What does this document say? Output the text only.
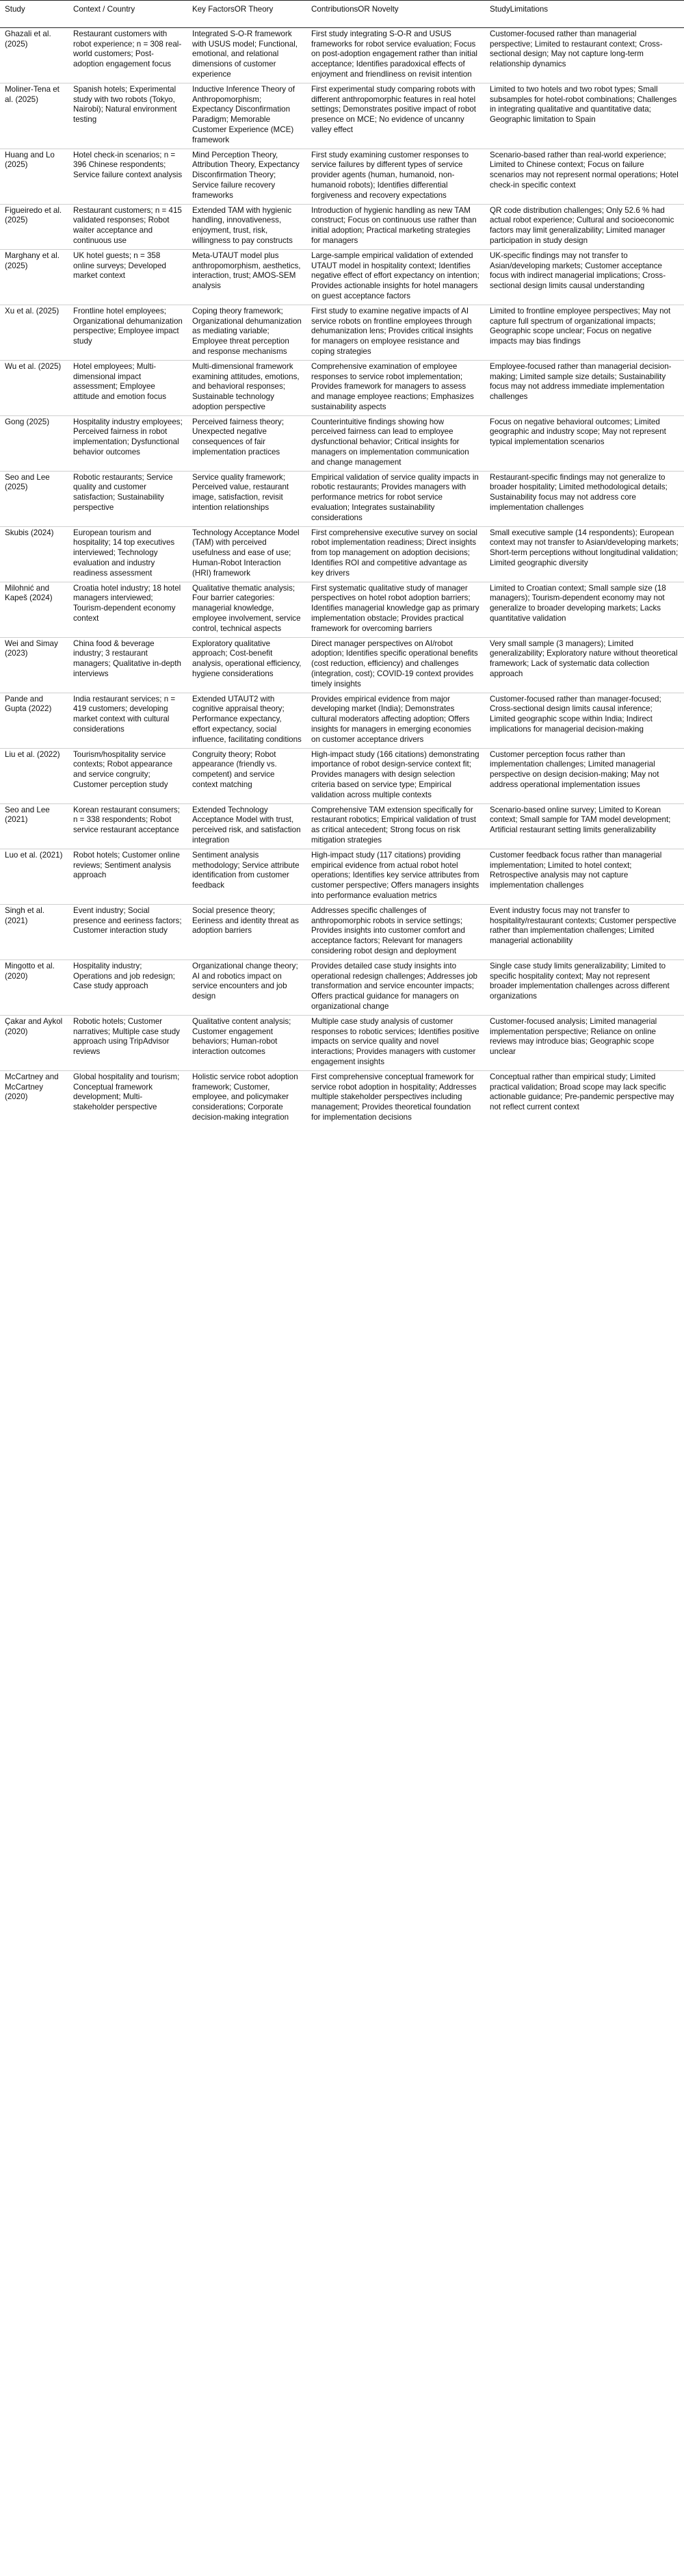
Study	Context / Country	Key FactorsOR Theory	ContributionsOR Novelty	StudyLimitations
Ghazali et al. (2025)	Restaurant customers with robot experience; n = 308 real-world customers; Post-adoption engagement focus	Integrated S-O-R framework with USUS model; Functional, emotional, and relational dimensions of customer experience	First study integrating S-O-R and USUS frameworks for robot service evaluation; Focus on post-adoption engagement rather than initial acceptance; Identifies paradoxical effects of enjoyment and friendliness on revisit intention	Customer-focused rather than managerial perspective; Limited to restaurant context; Cross-sectional design; May not capture long-term relationship dynamics
Moliner-Tena et al. (2025)	Spanish hotels; Experimental study with two robots (Tokyo, Nairobi); Natural environment testing	Inductive Inference Theory of Anthropomorphism; Expectancy Disconfirmation Paradigm; Memorable Customer Experience (MCE) framework	First experimental study comparing robots with different anthropomorphic features in real hotel settings; Demonstrates positive impact of robot presence on MCE; No evidence of uncanny valley effect	Limited to two hotels and two robot types; Small subsamples for hotel-robot combinations; Challenges in integrating qualitative and quantitative data; Geographic limitation to Spain
Huang and Lo (2025)	Hotel check-in scenarios; n = 396 Chinese respondents; Service failure context analysis	Mind Perception Theory, Attribution Theory, Expectancy Disconfirmation Theory; Service failure recovery frameworks	First study examining customer responses to service failures by different types of service provider agents (human, humanoid, non-humanoid robots); Identifies differential forgiveness and recovery expectations	Scenario-based rather than real-world experience; Limited to Chinese context; Focus on failure scenarios may not represent normal operations; Hotel check-in specific context
Figueiredo et al. (2025)	Restaurant customers; n = 415 validated responses; Robot waiter acceptance and continuous use	Extended TAM with hygienic handling, innovativeness, enjoyment, trust, risk, willingness to pay constructs	Introduction of hygienic handling as new TAM construct; Focus on continuous use rather than initial adoption; Practical marketing strategies for managers	QR code distribution challenges; Only 52.6 % had actual robot experience; Cultural and socioeconomic factors may limit generalizability; Limited manager participation in study design
Marghany et al. (2025)	UK hotel guests; n = 358 online surveys; Developed market context	Meta-UTAUT model plus anthropomorphism, aesthetics, interaction, trust; AMOS-SEM analysis	Large-sample empirical validation of extended UTAUT model in hospitality context; Identifies negative effect of effort expectancy on intention; Provides actionable insights for hotel managers on guest acceptance factors	UK-specific findings may not transfer to Asian/developing markets; Customer acceptance focus with indirect managerial implications; Cross-sectional design limits causal understanding
Xu et al. (2025)	Frontline hotel employees; Organizational dehumanization perspective; Employee impact study	Coping theory framework; Organizational dehumanization as mediating variable; Employee threat perception and response mechanisms	First study to examine negative impacts of AI service robots on frontline employees through dehumanization lens; Provides critical insights for managers on employee resistance and coping strategies	Limited to frontline employee perspectives; May not capture full spectrum of organizational impacts; Geographic scope unclear; Focus on negative impacts may bias findings
Wu et al. (2025)	Hotel employees; Multi-dimensional impact assessment; Employee attitude and emotion focus	Multi-dimensional framework examining attitudes, emotions, and behavioral responses; Sustainable technology adoption perspective	Comprehensive examination of employee responses to service robot implementation; Provides framework for managers to assess and manage employee reactions; Emphasizes sustainability aspects	Employee-focused rather than managerial decision-making; Limited sample size details; Sustainability focus may not address immediate implementation challenges
Gong (2025)	Hospitality industry employees; Perceived fairness in robot implementation; Dysfunctional behavior outcomes	Perceived fairness theory; Unexpected negative consequences of fair implementation practices	Counterintuitive findings showing how perceived fairness can lead to employee dysfunctional behavior; Critical insights for managers on implementation communication and change management	Focus on negative behavioral outcomes; Limited geographic and industry scope; May not represent typical implementation scenarios
Seo and Lee (2025)	Robotic restaurants; Service quality and customer satisfaction; Sustainability perspective	Service quality framework; Perceived value, restaurant image, satisfaction, revisit intention relationships	Empirical validation of service quality impacts in robotic restaurants; Provides managers with performance metrics for robot service evaluation; Integrates sustainability considerations	Restaurant-specific findings may not generalize to broader hospitality; Limited methodological details; Sustainability focus may not address core implementation challenges
Skubis (2024)	European tourism and hospitality; 14 top executives interviewed; Technology evaluation and industry readiness assessment	Technology Acceptance Model (TAM) with perceived usefulness and ease of use; Human-Robot Interaction (HRI) framework	First comprehensive executive survey on social robot implementation readiness; Direct insights from top management on adoption decisions; Identifies ROI and competitive advantage as key drivers	Small executive sample (14 respondents); European context may not transfer to Asian/developing markets; Short-term perceptions without longitudinal validation; Limited geographic diversity
Milohnić and Kapeš (2024)	Croatia hotel industry; 18 hotel managers interviewed; Tourism-dependent economy context	Qualitative thematic analysis; Four barrier categories: managerial knowledge, employee involvement, service control, technical aspects	First systematic qualitative study of manager perspectives on hotel robot adoption barriers; Identifies managerial knowledge gap as primary implementation obstacle; Provides practical framework for overcoming barriers	Limited to Croatian context; Small sample size (18 managers); Tourism-dependent economy may not generalize to broader developing markets; Lacks quantitative validation
Wei and Simay (2023)	China food & beverage industry; 3 restaurant managers; Qualitative in-depth interviews	Exploratory qualitative approach; Cost-benefit analysis, operational efficiency, hygiene considerations	Direct manager perspectives on AI/robot adoption; Identifies specific operational benefits (cost reduction, efficiency) and challenges (integration, cost); COVID-19 context provides timely insights	Very small sample (3 managers); Limited generalizability; Exploratory nature without theoretical framework; Lack of systematic data collection approach
Pande and Gupta (2022)	India restaurant services; n = 419 customers; developing market context with cultural considerations	Extended UTAUT2 with cognitive appraisal theory; Performance expectancy, effort expectancy, social influence, facilitating conditions	Provides empirical evidence from major developing market (India); Demonstrates cultural moderators affecting adoption; Offers insights for managers in emerging economies on customer acceptance drivers	Customer-focused rather than manager-focused; Cross-sectional design limits causal inference; Limited geographic scope within India; Indirect implications for managerial decision-making
Liu et al. (2022)	Tourism/hospitality service contexts; Robot appearance and service congruity; Customer perception study	Congruity theory; Robot appearance (friendly vs. competent) and service context matching	High-impact study (166 citations) demonstrating importance of robot design-service context fit; Provides managers with design selection criteria based on service type; Empirical validation across multiple contexts	Customer perception focus rather than implementation challenges; Limited managerial perspective on design decision-making; May not address operational implementation issues
Seo and Lee (2021)	Korean restaurant consumers; n = 338 respondents; Robot service restaurant acceptance	Extended Technology Acceptance Model with trust, perceived risk, and satisfaction integration	Comprehensive TAM extension specifically for restaurant robotics; Empirical validation of trust as critical antecedent; Strong focus on risk mitigation strategies	Scenario-based online survey; Limited to Korean context; Small sample for TAM model development; Artificial restaurant setting limits generalizability
Luo et al. (2021)	Robot hotels; Customer online reviews; Sentiment analysis approach	Sentiment analysis methodology; Service attribute identification from customer feedback	High-impact study (117 citations) providing empirical evidence from actual robot hotel operations; Identifies key service attributes from customer perspective; Offers managers insights into performance evaluation metrics	Customer feedback focus rather than managerial implementation; Limited to hotel context; Retrospective analysis may not capture implementation challenges
Singh et al. (2021)	Event industry; Social presence and eeriness factors; Customer interaction study	Social presence theory; Eeriness and identity threat as adoption barriers	Addresses specific challenges of anthropomorphic robots in service settings; Provides insights into customer comfort and acceptance factors; Relevant for managers considering robot design and deployment	Event industry focus may not transfer to hospitality/restaurant contexts; Customer perspective rather than implementation challenges; Limited managerial actionability
Mingotto et al. (2020)	Hospitality industry; Operations and job redesign; Case study approach	Organizational change theory; AI and robotics impact on service encounters and job design	Provides detailed case study insights into operational redesign challenges; Addresses job transformation and service encounter impacts; Offers practical guidance for managers on organizational change	Single case study limits generalizability; Limited to specific hospitality context; May not represent broader implementation challenges across different organizations
Çakar and Aykol (2020)	Robotic hotels; Customer narratives; Multiple case study approach using TripAdvisor reviews	Qualitative content analysis; Customer engagement behaviors; Human-robot interaction outcomes	Multiple case study analysis of customer responses to robotic services; Identifies positive impacts on service quality and novel interactions; Provides managers with customer engagement insights	Customer-focused analysis; Limited managerial implementation perspective; Reliance on online reviews may introduce bias; Geographic scope unclear
McCartney and McCartney (2020)	Global hospitality and tourism; Conceptual framework development; Multi-stakeholder perspective	Holistic service robot adoption framework; Customer, employee, and policymaker considerations; Corporate decision-making integration	First comprehensive conceptual framework for service robot adoption in hospitality; Addresses multiple stakeholder perspectives including management; Provides theoretical foundation for implementation decisions	Conceptual rather than empirical study; Limited practical validation; Broad scope may lack specific actionable guidance; Pre-pandemic perspective may not reflect current context
